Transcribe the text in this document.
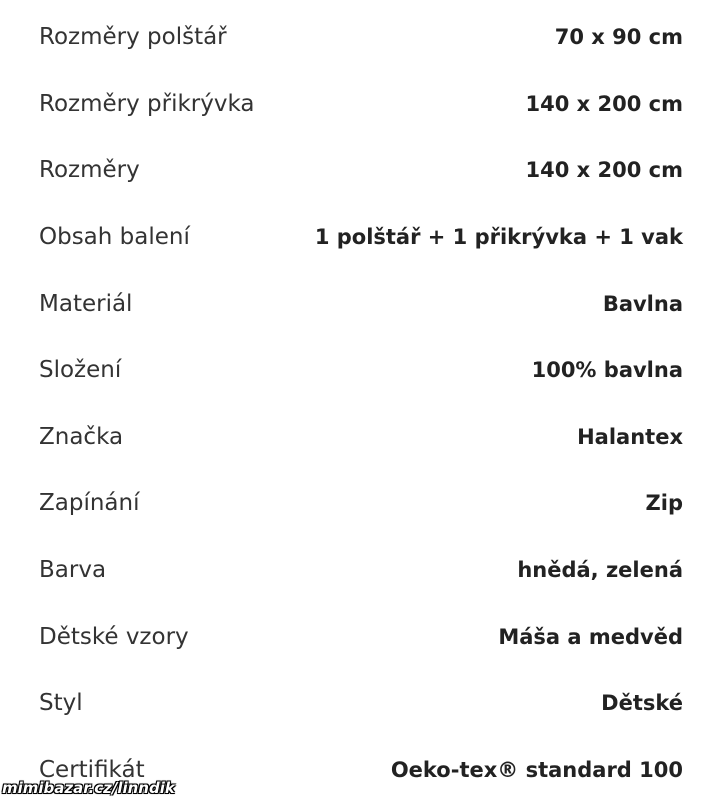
Rozměry polštář	70 x 90 cm
Rozměry přikrývka	140 x 200 cm
Rozměry	140 x 200 cm
Obsah balení	1 polštář + 1 přikrývka + 1 vak
Materiál	Bavlna
Složení	100% bavlna
Značka	Halantex
Zapínání	Zip
Barva	hnědá, zelená
Dětské vzory	Máša a medvěd
Styl	Dětské
Certifikát	Oeko-tex® standard 100
mimibazar.cz/linndik
